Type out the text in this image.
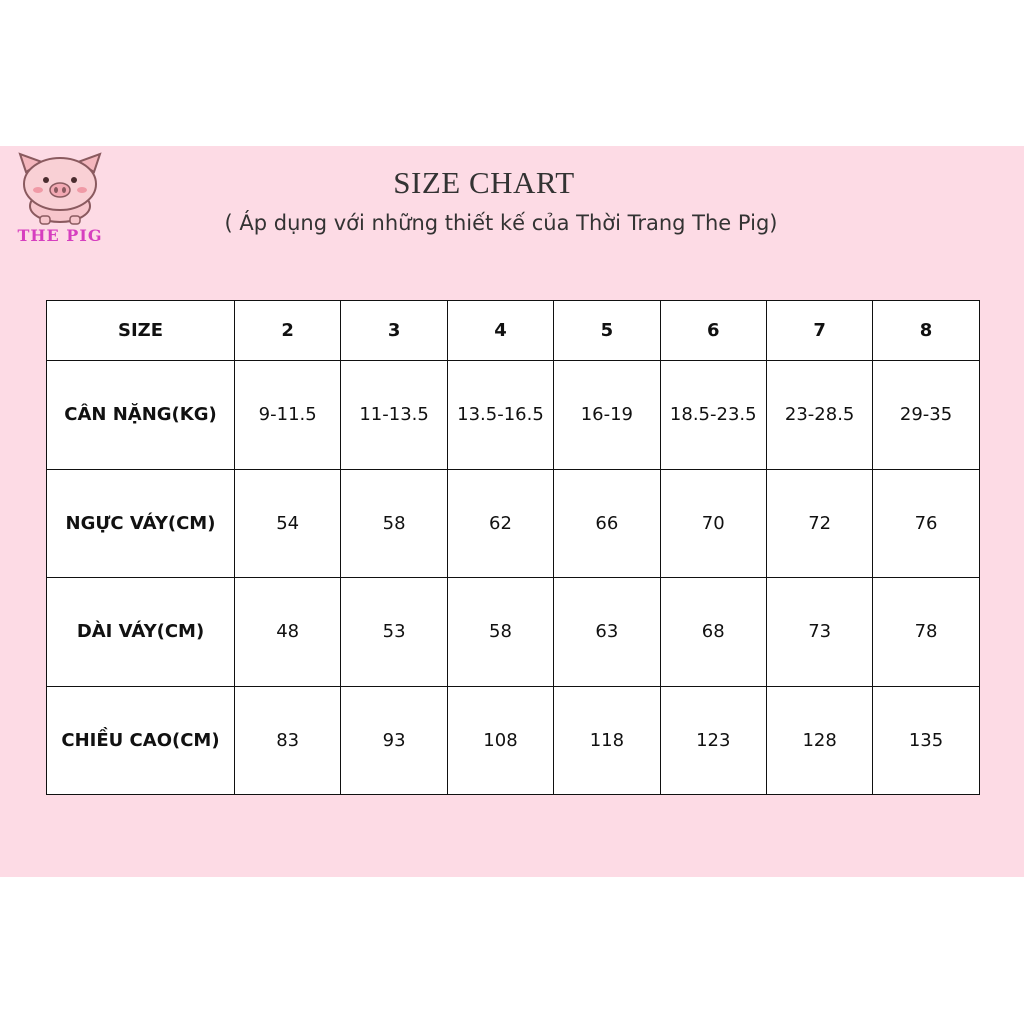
THE PIG
SIZE CHART
( Áp dụng với những thiết kế của Thời Trang The Pig)
SIZE	2	3	4	5	6	7	8
CÂN NẶNG(KG)	9-11.5	11-13.5	13.5-16.5	16-19	18.5-23.5	23-28.5	29-35
NGỰC VÁY(CM)	54	58	62	66	70	72	76
DÀI VÁY(CM)	48	53	58	63	68	73	78
CHIỀU CAO(CM)	83	93	108	118	123	128	135
